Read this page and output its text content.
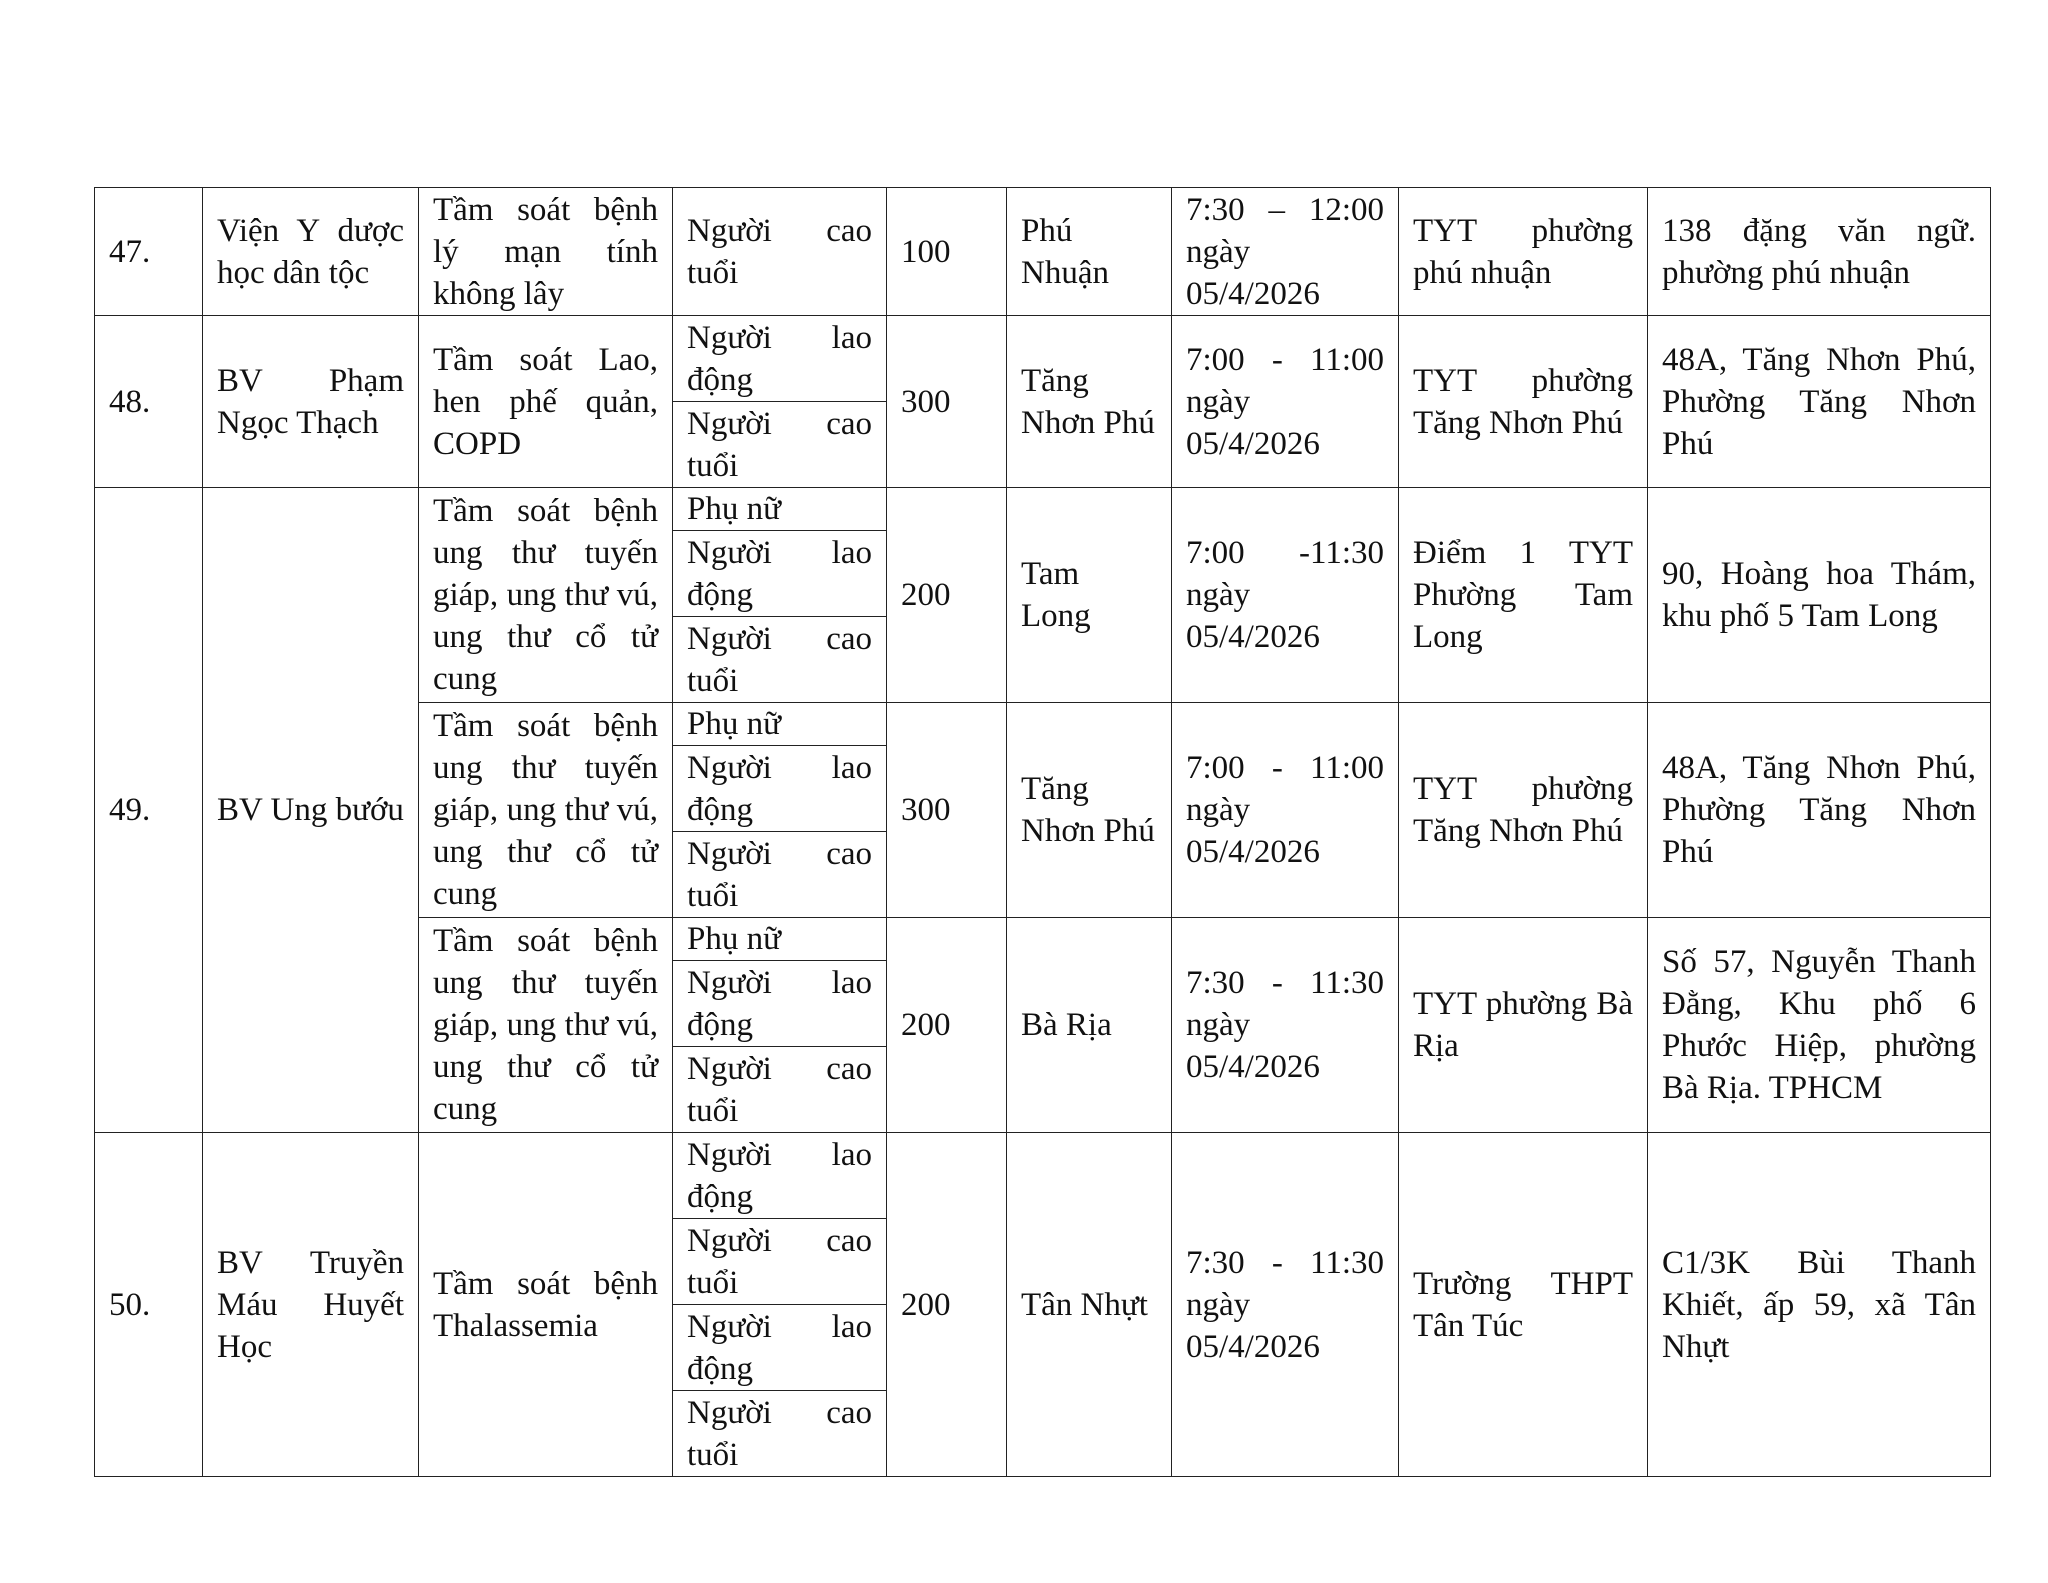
47.	Viện Y dược học dân tộc	Tầm soát bệnh lý mạn tính không lây	Người cao tuổi	100	Phú Nhuận	7:30 – 12:00 ngày 05/4/2026	TYT phường phú nhuận	138 đặng văn ngữ. phường phú nhuận
48.	BV Phạm Ngọc Thạch	Tầm soát Lao, hen phế quản, COPD	Người lao động	300	Tăng Nhơn Phú	7:00 - 11:00 ngày 05/4/2026	TYT phường Tăng Nhơn Phú	48A, Tăng Nhơn Phú, Phường Tăng Nhơn Phú
			Người cao tuổi					
49.	BV Ung bướu	Tầm soát bệnh ung thư tuyến giáp, ung thư vú, ung thư cổ tử cung	Phụ nữ	200	Tam Long	7:00 -11:30 ngày 05/4/2026	Điểm 1 TYT Phường Tam Long	90, Hoàng hoa Thám, khu phố 5 Tam Long
			Người lao động					
			Người cao tuổi					
		Tầm soát bệnh ung thư tuyến giáp, ung thư vú, ung thư cổ tử cung	Phụ nữ	300	Tăng Nhơn Phú	7:00 - 11:00 ngày 05/4/2026	TYT phường Tăng Nhơn Phú	48A, Tăng Nhơn Phú, Phường Tăng Nhơn Phú
			Người lao động					
			Người cao tuổi					
		Tầm soát bệnh ung thư tuyến giáp, ung thư vú, ung thư cổ tử cung	Phụ nữ	200	Bà Rịa	7:30 - 11:30 ngày 05/4/2026	TYT phường Bà Rịa	Số 57, Nguyễn Thanh Đằng, Khu phố 6 Phước Hiệp, phường Bà Rịa. TPHCM
			Người lao động					
			Người cao tuổi					
50.	BV Truyền Máu Huyết Học	Tầm soát bệnh Thalassemia	Người lao động	200	Tân Nhựt	7:30 - 11:30 ngày 05/4/2026	Trường THPT Tân Túc	C1/3K Bùi Thanh Khiết, ấp 59, xã Tân Nhựt
			Người cao tuổi					
			Người lao động					
			Người cao tuổi					
